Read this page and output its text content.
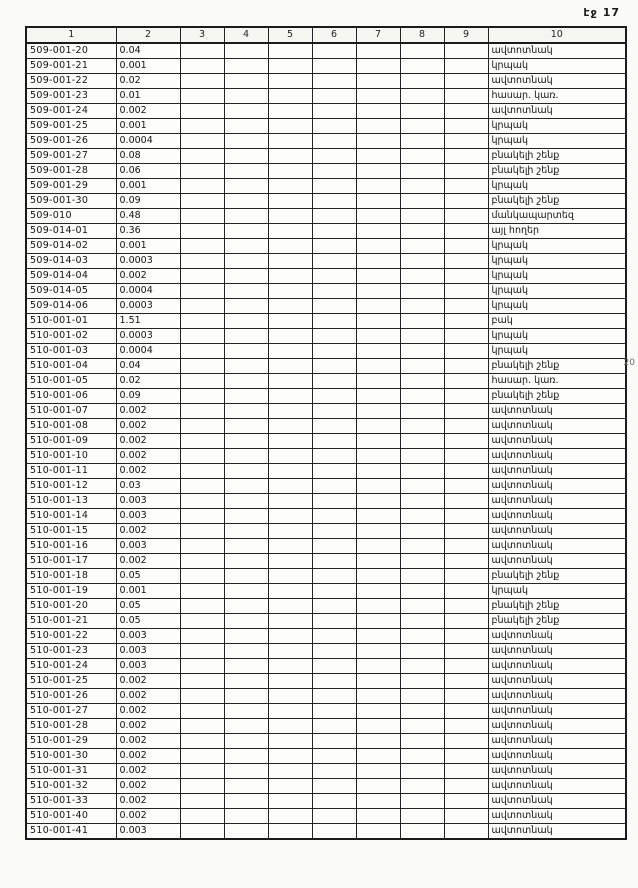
էջ 17
1	2	3	4	5	6	7	8	9	10
509-001-20	0.04								ավտոտնակ
509-001-21	0.001								կրպակ
509-001-22	0.02								ավտոտնակ
509-001-23	0.01								հասար. կառ.
509-001-24	0.002								ավտոտնակ
509-001-25	0.001								կրպակ
509-001-26	0.0004								կրպակ
509-001-27	0.08								բնակելի շենք
509-001-28	0.06								բնակելի շենք
509-001-29	0.001								կրպակ
509-001-30	0.09								բնակելի շենք
509-010	0.48								մանկապարտեզ
509-014-01	0.36								այլ հողեր
509-014-02	0.001								կրպակ
509-014-03	0.0003								կրպակ
509-014-04	0.002								կրպակ
509-014-05	0.0004								կրպակ
509-014-06	0.0003								կրպակ
510-001-01	1.51								բակ
510-001-02	0.0003								կրպակ
510-001-03	0.0004								կրպակ
510-001-04	0.04								բնակելի շենք
510-001-05	0.02								հասար. կառ.
510-001-06	0.09								բնակելի շենք
510-001-07	0.002								ավտոտնակ
510-001-08	0.002								ավտոտնակ
510-001-09	0.002								ավտոտնակ
510-001-10	0.002								ավտոտնակ
510-001-11	0.002								ավտոտնակ
510-001-12	0.03								ավտոտնակ
510-001-13	0.003								ավտոտնակ
510-001-14	0.003								ավտոտնակ
510-001-15	0.002								ավտոտնակ
510-001-16	0.003								ավտոտնակ
510-001-17	0.002								ավտոտնակ
510-001-18	0.05								բնակելի շենք
510-001-19	0.001								կրպակ
510-001-20	0.05								բնակելի շենք
510-001-21	0.05								բնակելի շենք
510-001-22	0.003								ավտոտնակ
510-001-23	0.003								ավտոտնակ
510-001-24	0.003								ավտոտնակ
510-001-25	0.002								ավտոտնակ
510-001-26	0.002								ավտոտնակ
510-001-27	0.002								ավտոտնակ
510-001-28	0.002								ավտոտնակ
510-001-29	0.002								ավտոտնակ
510-001-30	0.002								ավտոտնակ
510-001-31	0.002								ավտոտնակ
510-001-32	0.002								ավտոտնակ
510-001-33	0.002								ավտոտնակ
510-001-40	0.002								ավտոտնակ
510-001-41	0.003								ավտոտնակ
20
